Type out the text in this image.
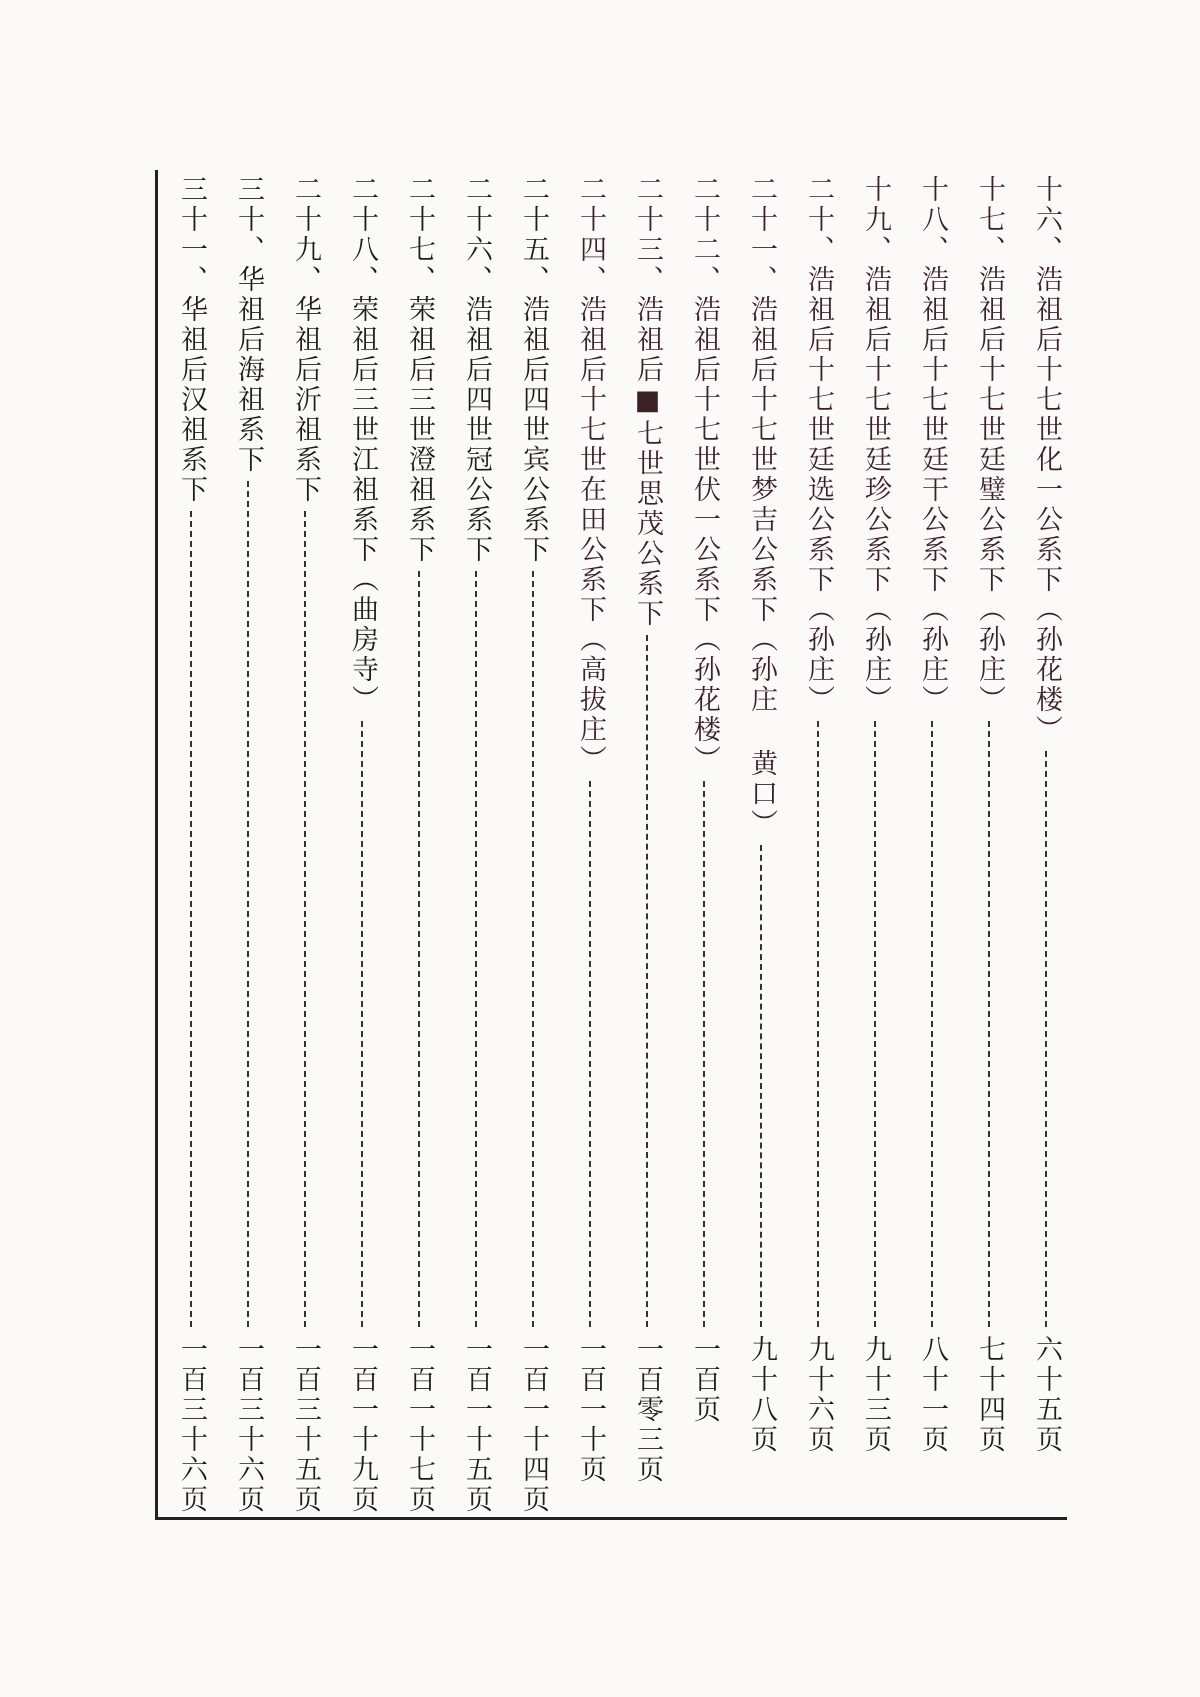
十六、浩祖后十七世化一公系下（孙花楼）
六十五页
十七、浩祖后十七世廷璧公系下（孙庄）
七十四页
十八、浩祖后十七世廷干公系下（孙庄）
八十一页
十九、浩祖后十七世廷珍公系下（孙庄）
九十三页
二十、浩祖后十七世廷选公系下（孙庄）
九十六页
二十一、浩祖后十七世梦吉公系下（孙庄 黄口）
九十八页
二十二、浩祖后十七世伏一公系下（孙花楼）
一百页
二十三、浩祖后■七世思茂公系下
一百零三页
二十四、浩祖后十七世在田公系下（高拔庄）
一百一十页
二十五、浩祖后四世宾公系下
一百一十四页
二十六、浩祖后四世冠公系下
一百一十五页
二十七、荣祖后三世澄祖系下
一百一十七页
二十八、荣祖后三世江祖系下（曲房寺）
一百一十九页
二十九、华祖后沂祖系下
一百三十五页
三十、华祖后海祖系下
一百三十六页
三十一、华祖后汉祖系下
一百三十六页
